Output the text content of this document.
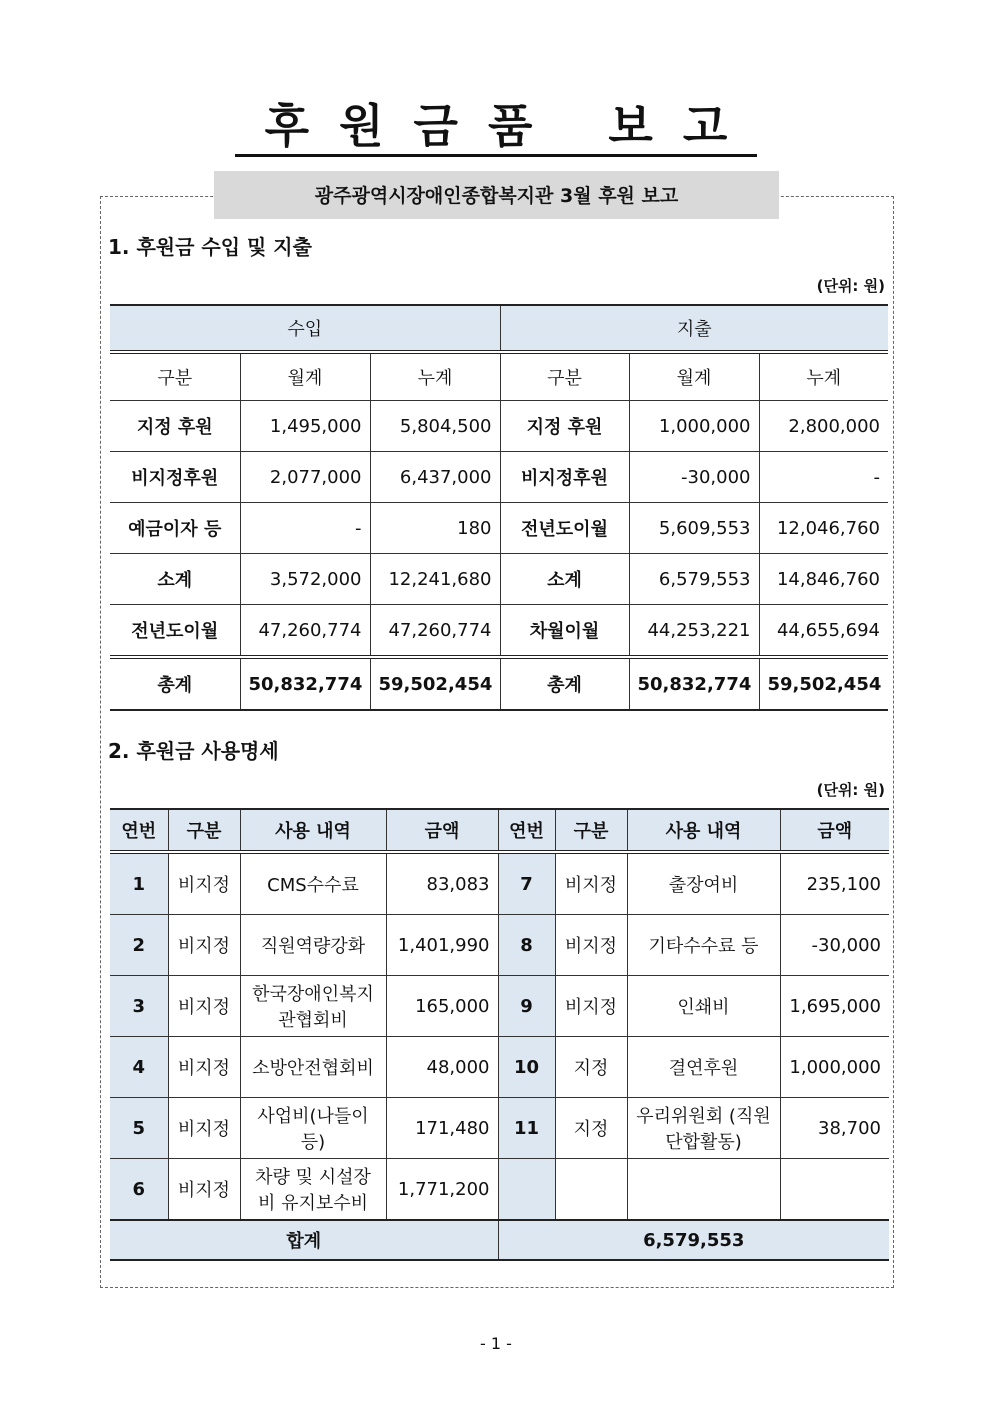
후원금품 보고
광주광역시장애인종합복지관 3월 후원 보고
1. 후원금 수입 및 지출
(단위: 원)
수입			지출		
구분	월계	누계	구분	월계	누계
지정 후원	1,495,000	5,804,500	지정 후원	1,000,000	2,800,000
비지정후원	2,077,000	6,437,000	비지정후원	-30,000	-
예금이자 등	-	180	전년도이월	5,609,553	12,046,760
소계	3,572,000	12,241,680	소계	6,579,553	14,846,760
전년도이월	47,260,774	47,260,774	차월이월	44,253,221	44,655,694
총계	50,832,774	59,502,454	총계	50,832,774	59,502,454
2. 후원금 사용명세
(단위: 원)
연번	구분	사용 내역	금액	연번	구분	사용 내역	금액
1	비지정	CMS수수료	83,083	7	비지정	출장여비	235,100
2	비지정	직원역량강화	1,401,990	8	비지정	기타수수료 등	-30,000
3	비지정	한국장애인복지 관협회비	165,000	9	비지정	인쇄비	1,695,000
4	비지정	소방안전협회비	48,000	10	지정	결연후원	1,000,000
5	비지정	사업비(나들이 등)	171,480	11	지정	우리위원회 (직원단합활동)	38,700
6	비지정	차량 및 시설장비 유지보수비	1,771,200				
합계				6,579,553			
- 1 -
